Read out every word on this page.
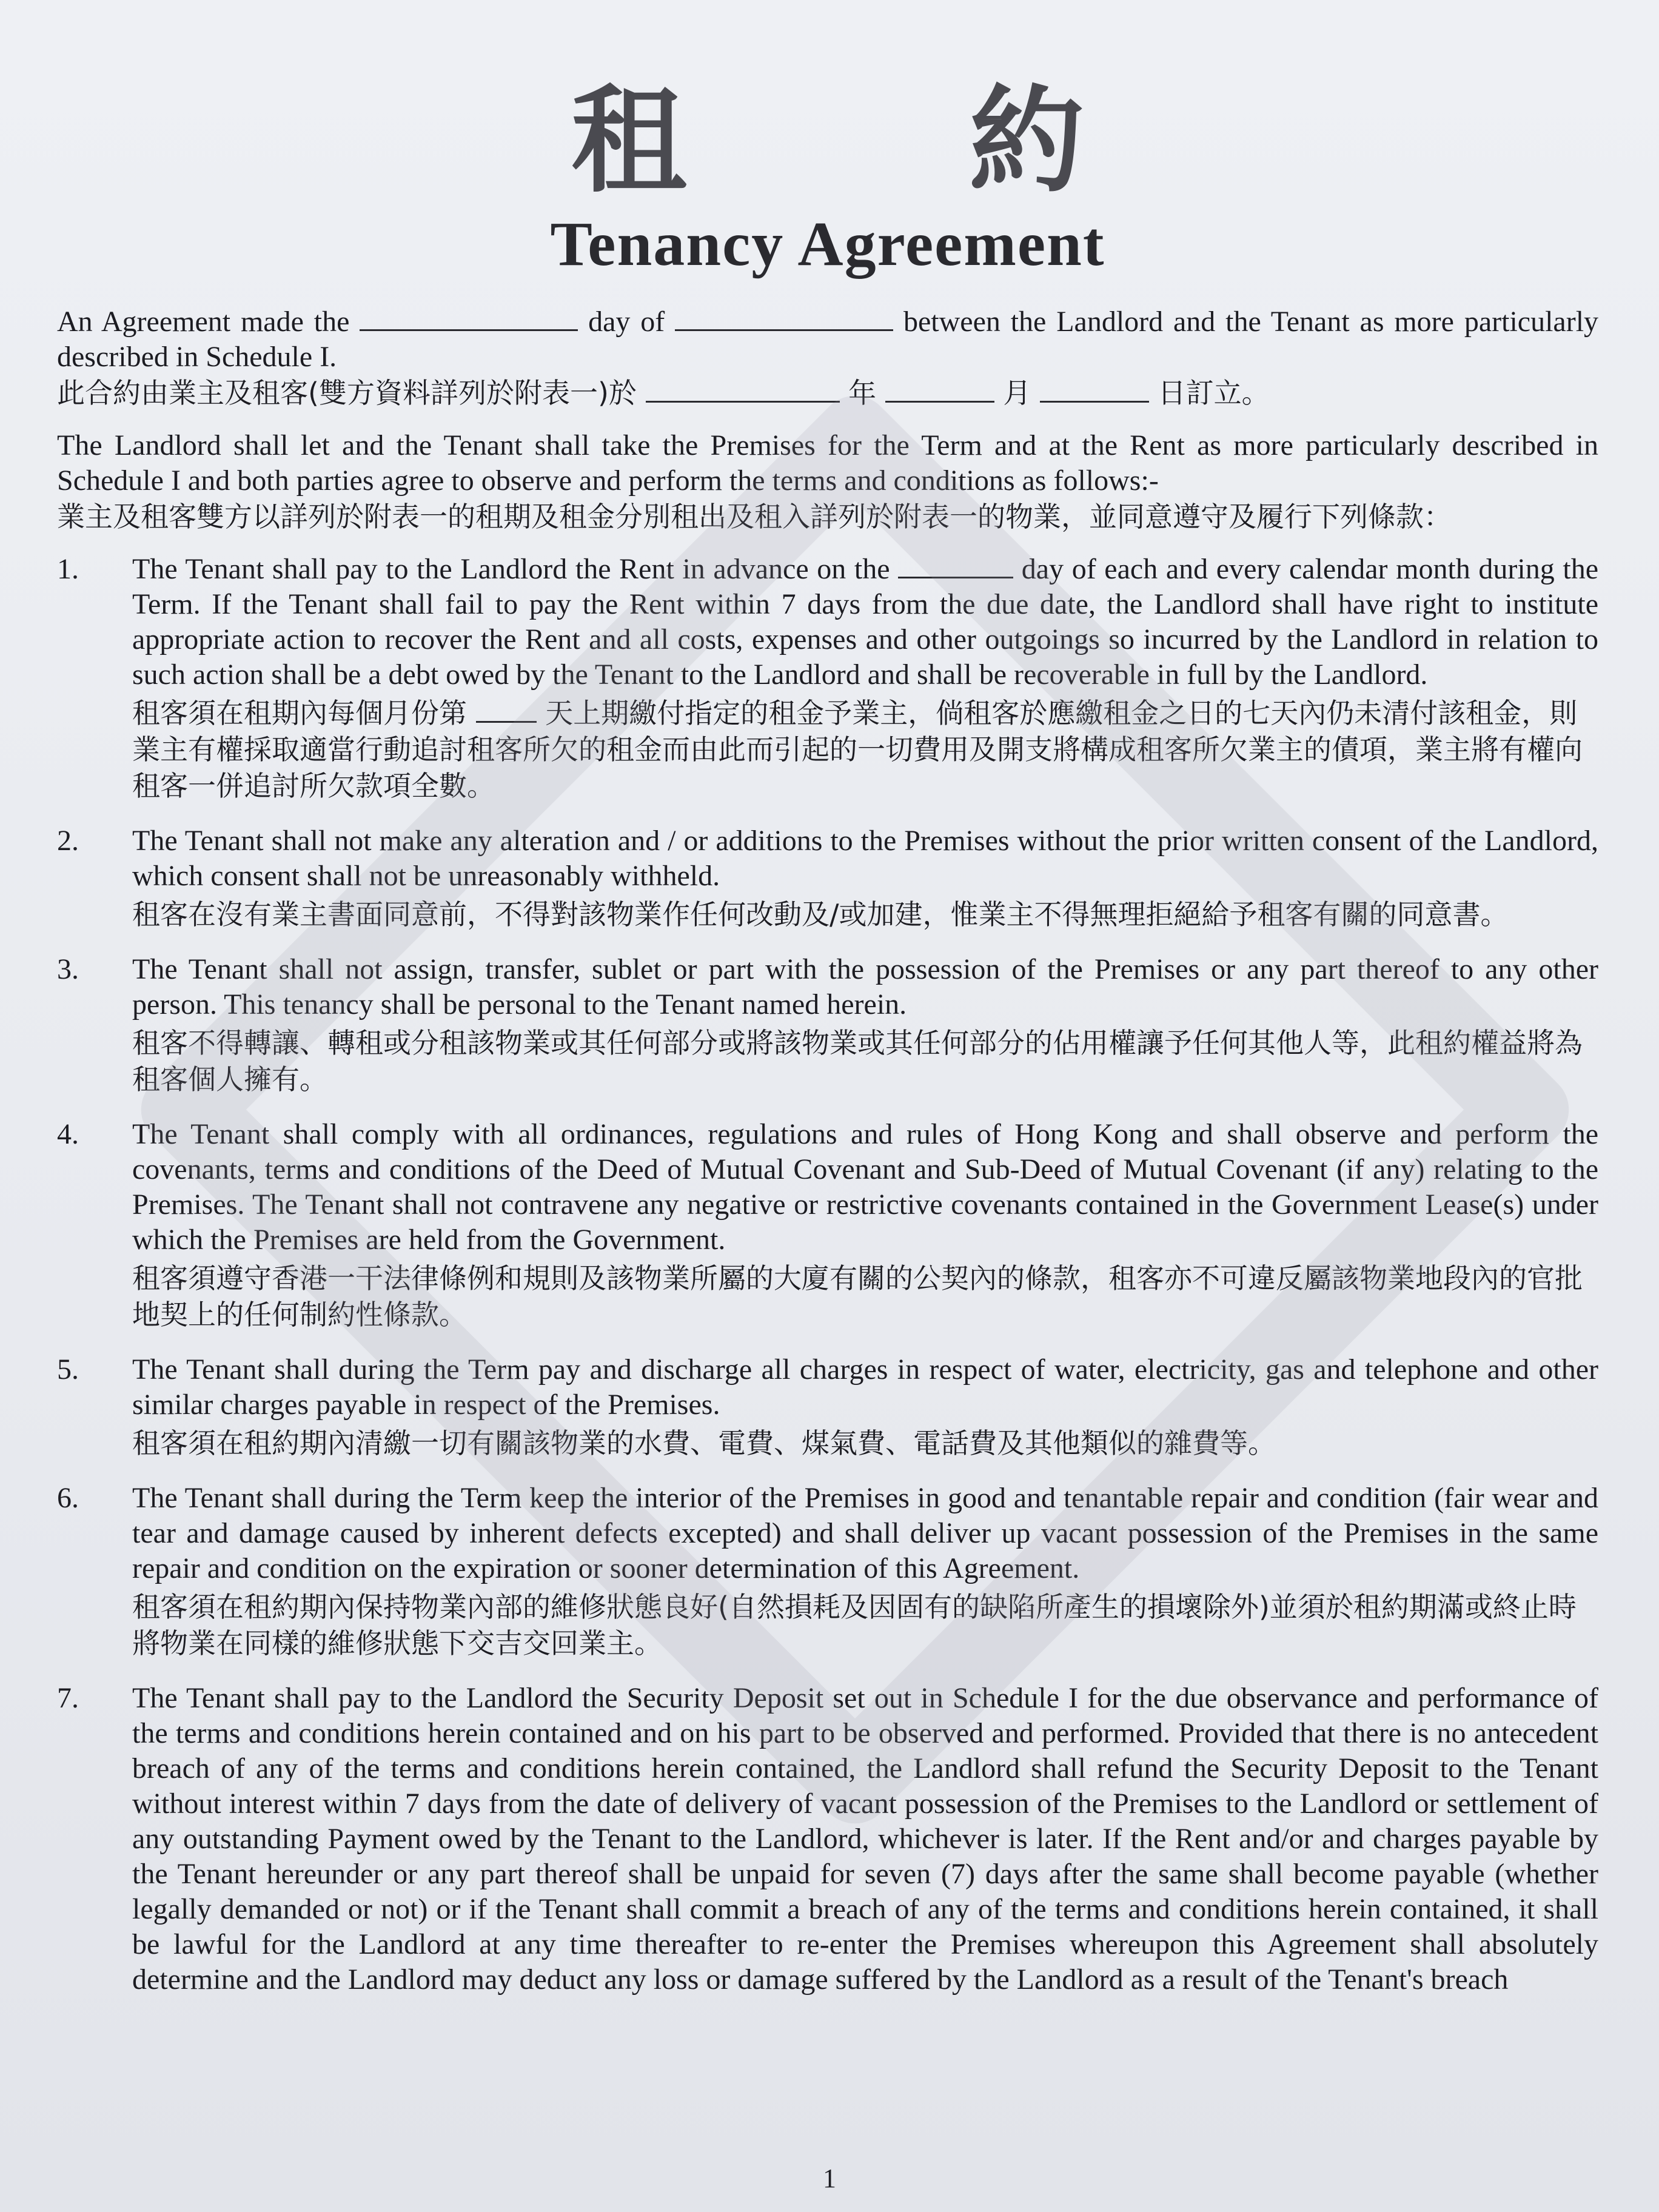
租 約
Tenancy Agreement
An Agreement made the	day of	between the Landlord and the Tenant as more particularly described in Schedule I.
此合約由業主及租客(雙方資料詳列於附表一)於	年	月	日訂立。
The Landlord shall let and the Tenant shall take the Premises for the Term and at the Rent as more particularly described in Schedule I and both parties agree to observe and perform the terms and conditions as follows:-
業主及租客雙方以詳列於附表一的租期及租金分別租出及租入詳列於附表一的物業，並同意遵守及履行下列條款：
1.	The Tenant shall pay to the Landlord the Rent in advance on the	day of each and every calendar month during the Term. If the Tenant shall fail to pay the Rent within 7 days from the due date, the Landlord shall have right to institute appropriate action to recover the Rent and all costs, expenses and other outgoings so incurred by the Landlord in relation to such action shall be a debt owed by the Tenant to the Landlord and shall be recoverable in full by the Landlord.
租客須在租期內每個月份第	天上期繳付指定的租金予業主，倘租客於應繳租金之日的七天內仍未清付該租金，則業主有權採取適當行動追討租客所欠的租金而由此而引起的一切費用及開支將構成租客所欠業主的債項，業主將有權向租客一併追討所欠款項全數。
2.	The Tenant shall not make any alteration and / or additions to the Premises without the prior written consent of the Landlord, which consent shall not be unreasonably withheld.
租客在沒有業主書面同意前，不得對該物業作任何改動及/或加建，惟業主不得無理拒絕給予租客有關的同意書。
3.	The Tenant shall not assign, transfer, sublet or part with the possession of the Premises or any part thereof to any other person. This tenancy shall be personal to the Tenant named herein.
租客不得轉讓、轉租或分租該物業或其任何部分或將該物業或其任何部分的佔用權讓予任何其他人等，此租約權益將為租客個人擁有。
4.	The Tenant shall comply with all ordinances, regulations and rules of Hong Kong and shall observe and perform the covenants, terms and conditions of the Deed of Mutual Covenant and Sub-Deed of Mutual Covenant (if any) relating to the Premises. The Tenant shall not contravene any negative or restrictive covenants contained in the Government Lease(s) under which the Premises are held from the Government.
租客須遵守香港一干法律條例和規則及該物業所屬的大廈有關的公契內的條款，租客亦不可違反屬該物業地段內的官批地契上的任何制約性條款。
5.	The Tenant shall during the Term pay and discharge all charges in respect of water, electricity, gas and telephone and other similar charges payable in respect of the Premises.
租客須在租約期內清繳一切有關該物業的水費、電費、煤氣費、電話費及其他類似的雜費等。
6.	The Tenant shall during the Term keep the interior of the Premises in good and tenantable repair and condition (fair wear and tear and damage caused by inherent defects excepted) and shall deliver up vacant possession of the Premises in the same repair and condition on the expiration or sooner determination of this Agreement.
租客須在租約期內保持物業內部的維修狀態良好(自然損耗及因固有的缺陷所產生的損壞除外)並須於租約期滿或終止時將物業在同樣的維修狀態下交吉交回業主。
7.	The Tenant shall pay to the Landlord the Security Deposit set out in Schedule I for the due observance and performance of the terms and conditions herein contained and on his part to be observed and performed. Provided that there is no antecedent breach of any of the terms and conditions herein contained, the Landlord shall refund the Security Deposit to the Tenant without interest within 7 days from the date of delivery of vacant possession of the Premises to the Landlord or settlement of any outstanding Payment owed by the Tenant to the Landlord, whichever is later. If the Rent and/or and charges payable by the Tenant hereunder or any part thereof shall be unpaid for seven (7) days after the same shall become payable (whether legally demanded or not) or if the Tenant shall commit a breach of any of the terms and conditions herein contained, it shall be lawful for the Landlord at any time thereafter to re-enter the Premises whereupon this Agreement shall absolutely determine and the Landlord may deduct any loss or damage suffered by the Landlord as a result of the Tenant's breach
1
